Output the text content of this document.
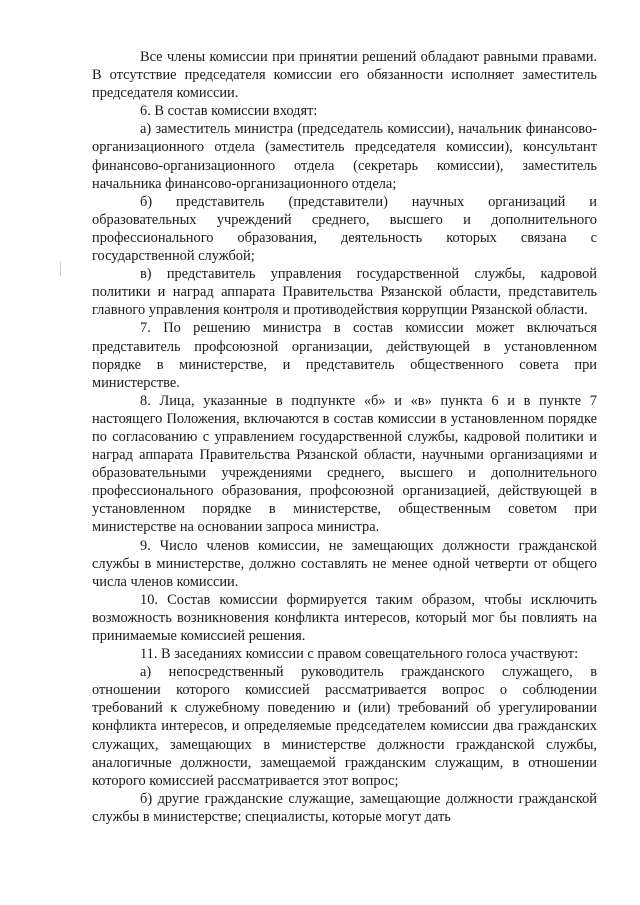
Все члены комиссии при принятии решений обладают равными правами. В отсутствие председателя комиссии его обязанности исполняет заместитель председателя комиссии.

6. В состав комиссии входят:

а) заместитель министра (председатель комиссии), начальник финансово-организационного отдела (заместитель председателя комиссии), консультант финансово-организационного отдела (секретарь комиссии), заместитель начальника финансово-организационного отдела;

б) представитель (представители) научных организаций и образовательных учреждений среднего, высшего и дополнительного профессионального образования, деятельность которых связана с государственной службой;

в) представитель управления государственной службы, кадровой политики и наград аппарата Правительства Рязанской области, представитель главного управления контроля и противодействия коррупции Рязанской области.

7. По решению министра в состав комиссии может включаться представитель профсоюзной организации, действующей в установленном порядке в министерстве, и представитель общественного совета при министерстве.

8. Лица, указанные в подпункте «б» и «в» пункта 6 и в пункте 7 настоящего Положения, включаются в состав комиссии в установленном порядке по согласованию с управлением государственной службы, кадровой политики и наград аппарата Правительства Рязанской области, научными организациями и образовательными учреждениями среднего, высшего и дополнительного профессионального образования, профсоюзной организацией, действующей в установленном порядке в министерстве, общественным советом при министерстве на основании запроса министра.

9. Число членов комиссии, не замещающих должности гражданской службы в министерстве, должно составлять не менее одной четверти от общего числа членов комиссии.

10. Состав комиссии формируется таким образом, чтобы исключить возможность возникновения конфликта интересов, который мог бы повлиять на принимаемые комиссией решения.

11. В заседаниях комиссии с правом совещательного голоса участвуют:

а) непосредственный руководитель гражданского служащего, в отношении которого комиссией рассматривается вопрос о соблюдении требований к служебному поведению и (или) требований об урегулировании конфликта интересов, и определяемые председателем комиссии два гражданских служащих, замещающих в министерстве должности гражданской службы, аналогичные должности, замещаемой гражданским служащим, в отношении которого комиссией рассматривается этот вопрос;

б) другие гражданские служащие, замещающие должности гражданской службы в министерстве; специалисты, которые могут дать
